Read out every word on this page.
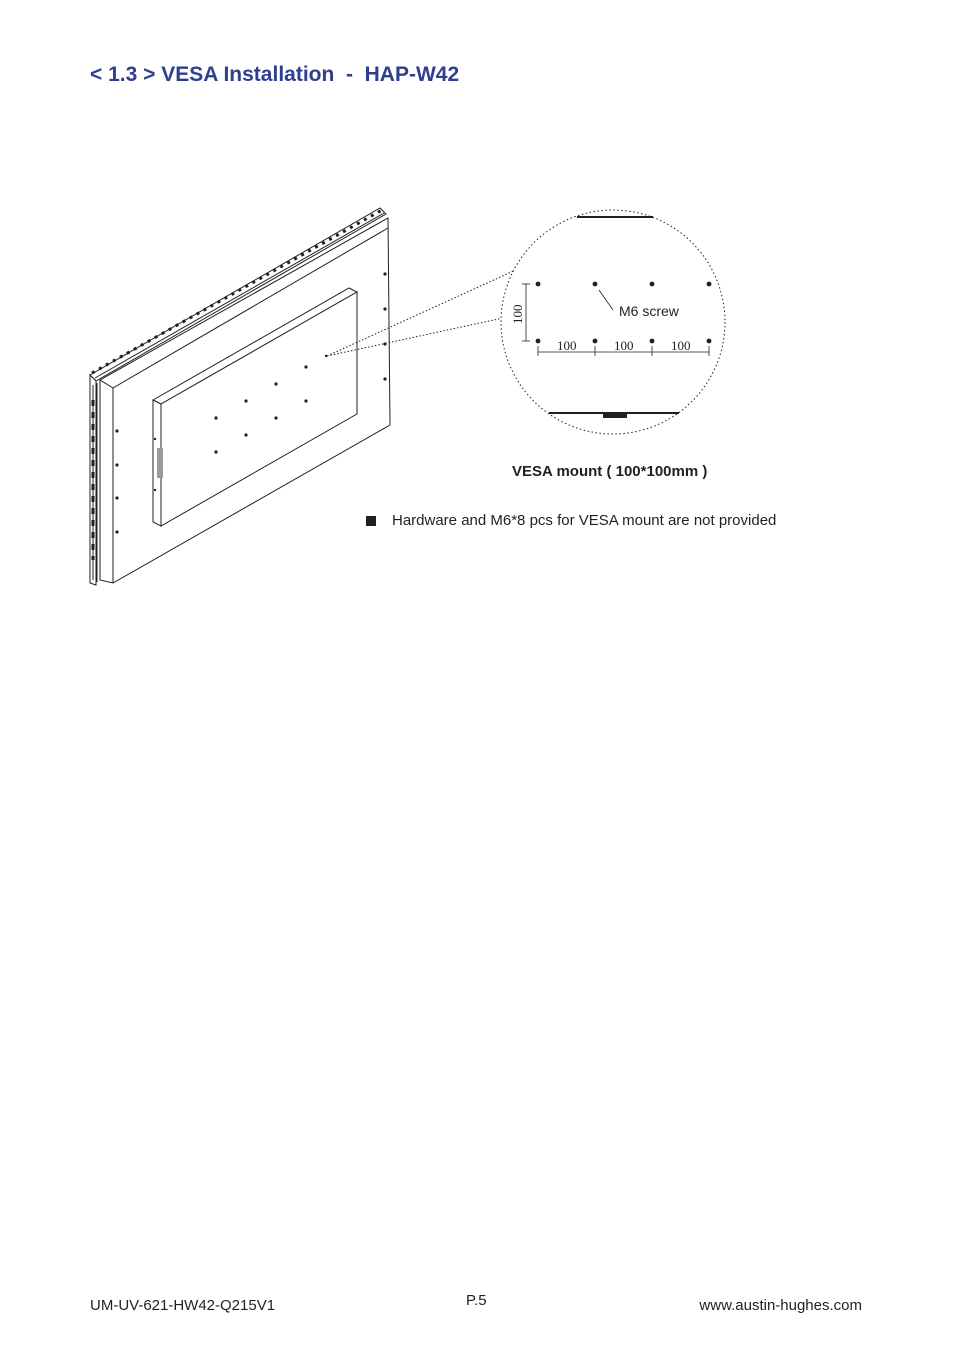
< 1.3 > VESA Installation  -  HAP-W42
M6 screw
100
100	100	100
VESA mount ( 100*100mm )
Hardware and M6*8 pcs for VESA mount are not provided
UM-UV-621-HW42-Q215V1	P.5	www.austin-hughes.com
